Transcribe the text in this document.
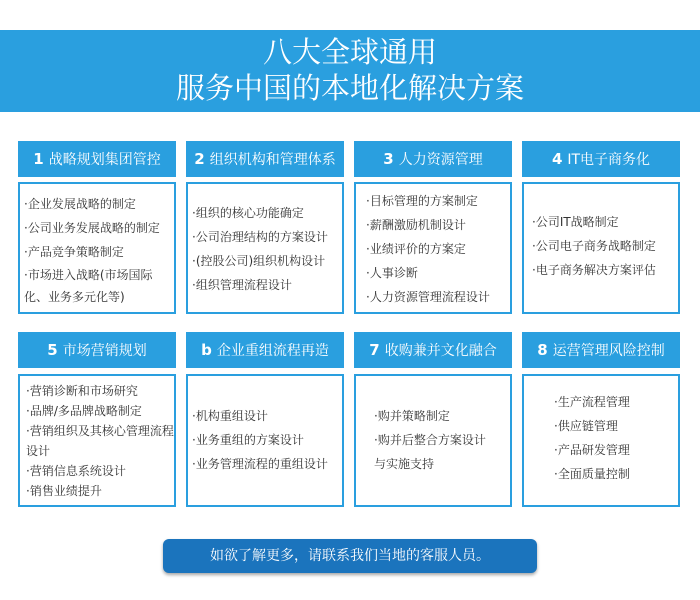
八大全球通用
服务中国的本地化解决方案
1 战略规划集团管控
·企业发展战略的制定
·公司业务发展战略的制定
·产品竞争策略制定
·市场进入战略(市场国际化、业务多元化等)
2 组织机构和管理体系
·组织的核心功能确定
·公司治理结构的方案设计
·(控股公司)组织机构设计
·组织管理流程设计
3 人力资源管理
·目标管理的方案制定
·薪酬激励机制设计
·业绩评价的方案定
·人事诊断
·人力资源管理流程设计
4 IT电子商务化
·公司IT战略制定
·公司电子商务战略制定
·电子商务解决方案评估
5 市场营销规划
·营销诊断和市场研究
·品牌/多品牌战略制定
·营销组织及其核心管理流程设计
·营销信息系统设计
·销售业绩提升
b 企业重组流程再造
·机构重组设计
·业务重组的方案设计
·业务管理流程的重组设计
7 收购兼并文化融合
·购并策略制定
·购并后整合方案设计
与实施支持
8 运营管理风险控制
·生产流程管理
·供应链管理
·产品研发管理
·全面质量控制
如欲了解更多，请联系我们当地的客服人员。
